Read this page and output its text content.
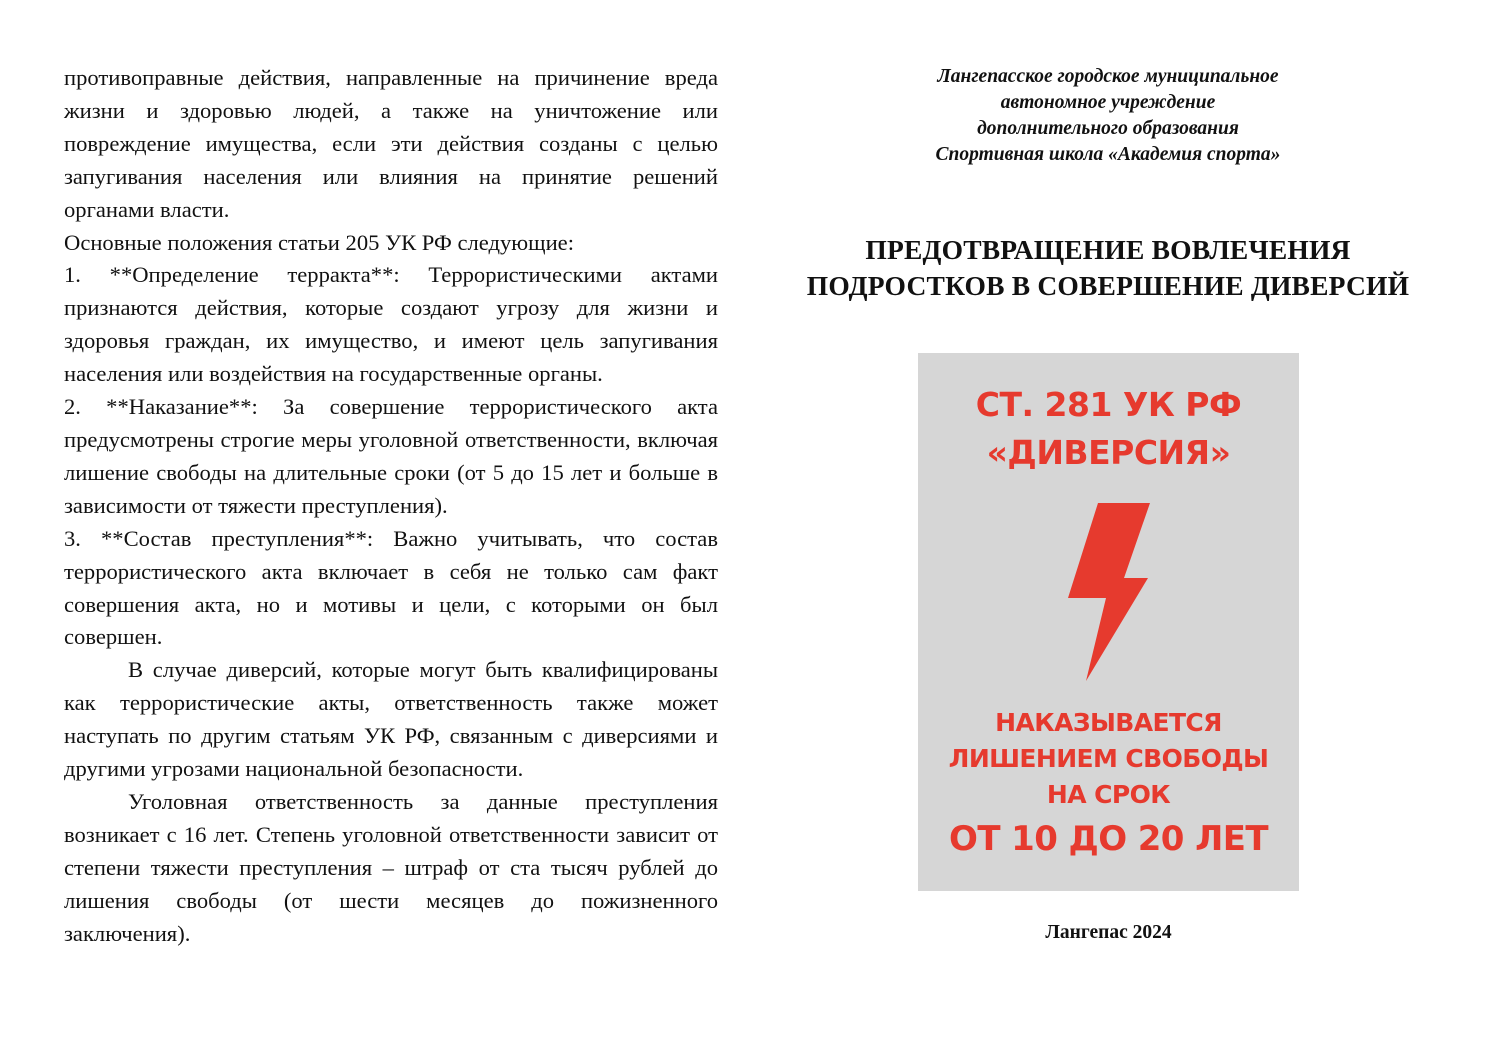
противоправные действия, направленные на причинение вреда жизни и здоровью людей, а также на уничтожение или повреждение имущества, если эти действия созданы с целью запугивания населения или влияния на принятие решений органами власти.

Основные положения статьи 205 УК РФ следующие:

1. **Определение терракта**: Террористическими актами признаются действия, которые создают угрозу для жизни и здоровья граждан, их имущество, и имеют цель запугивания населения или воздействия на государственные органы.

2. **Наказание**: За совершение террористического акта предусмотрены строгие меры уголовной ответственности, включая лишение свободы на длительные сроки (от 5 до 15 лет и больше в зависимости от тяжести преступления).

3. **Состав преступления**: Важно учитывать, что состав террористического акта включает в себя не только сам факт совершения акта, но и мотивы и цели, с которыми он был совершен.

В случае диверсий, которые могут быть квалифицированы как террористические акты, ответственность также может наступать по другим статьям УК РФ, связанным с диверсиями и другими угрозами национальной безопасности.

Уголовная ответственность за данные преступления возникает с 16 лет. Степень уголовной ответственности зависит от степени тяжести преступления – штраф от ста тысяч рублей до лишения свободы (от шести месяцев до пожизненного заключения).

Лангепасское городское муниципальное
автономное учреждение
дополнительного образования
Спортивная школа «Академия спорта»
ПРЕДОТВРАЩЕНИЕ ВОВЛЕЧЕНИЯ
ПОДРОСТКОВ В СОВЕРШЕНИЕ ДИВЕРСИЙ
СТ. 281 УК РФ
«ДИВЕРСИЯ»
НАКАЗЫВАЕТСЯ
ЛИШЕНИЕМ СВОБОДЫ
НА СРОК
ОТ 10 ДО 20 ЛЕТ
Лангепас 2024
